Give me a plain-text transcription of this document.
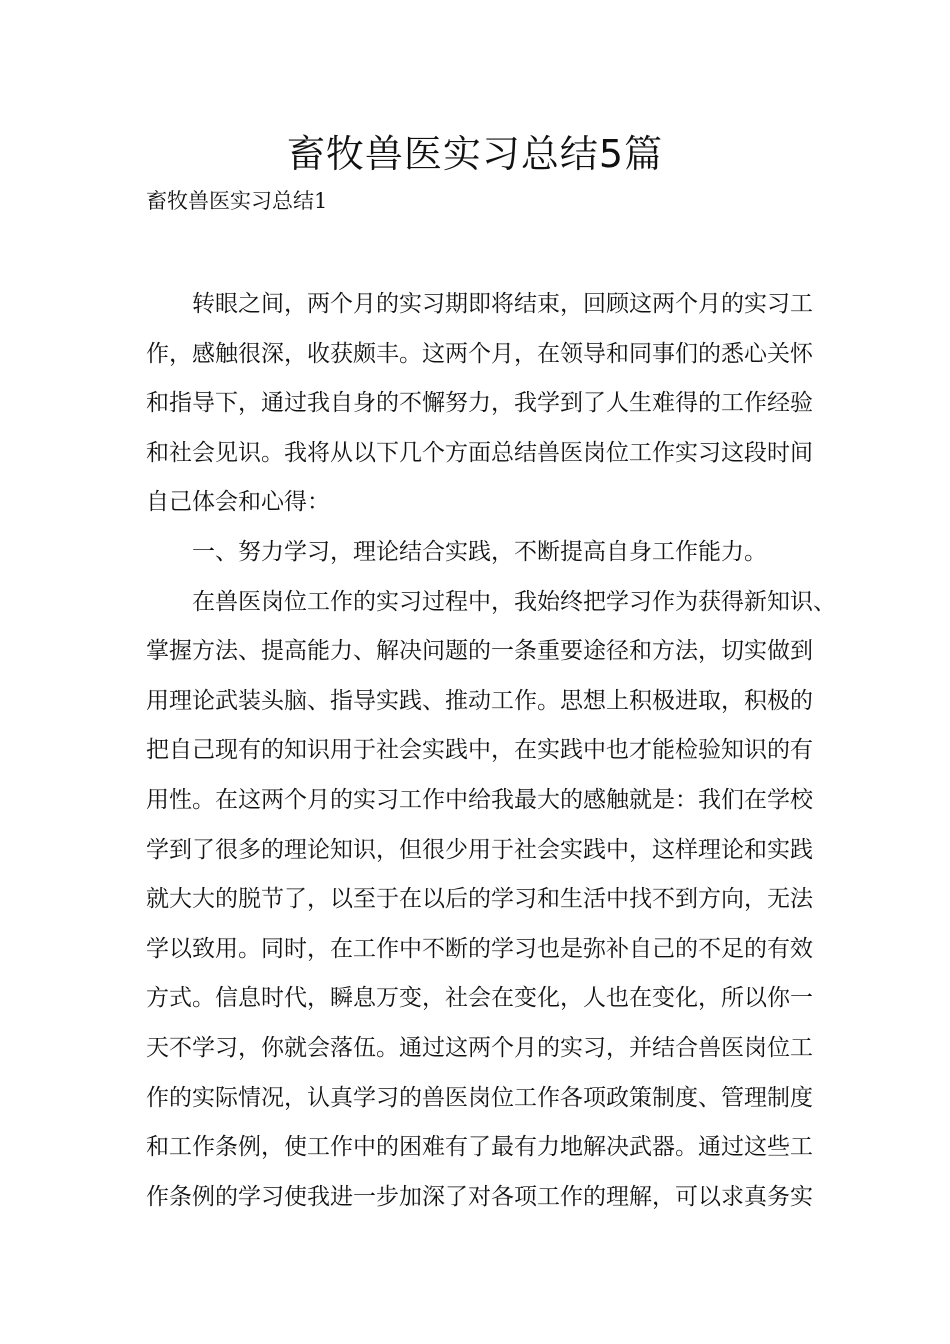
畜牧兽医实习总结5篇

畜牧兽医实习总结1

转眼之间，两个月的实习期即将结束，回顾这两个月的实习工
作，感触很深，收获颇丰。这两个月，在领导和同事们的悉心关怀
和指导下，通过我自身的不懈努力，我学到了人生难得的工作经验
和社会见识。我将从以下几个方面总结兽医岗位工作实习这段时间
自己体会和心得：
一、努力学习，理论结合实践，不断提高自身工作能力。
在兽医岗位工作的实习过程中，我始终把学习作为获得新知识、
掌握方法、提高能力、解决问题的一条重要途径和方法，切实做到
用理论武装头脑、指导实践、推动工作。思想上积极进取，积极的
把自己现有的知识用于社会实践中，在实践中也才能检验知识的有
用性。在这两个月的实习工作中给我最大的感触就是：我们在学校
学到了很多的理论知识，但很少用于社会实践中，这样理论和实践
就大大的脱节了，以至于在以后的学习和生活中找不到方向，无法
学以致用。同时，在工作中不断的学习也是弥补自己的不足的有效
方式。信息时代，瞬息万变，社会在变化，人也在变化，所以你一
天不学习，你就会落伍。通过这两个月的实习，并结合兽医岗位工
作的实际情况，认真学习的兽医岗位工作各项政策制度、管理制度
和工作条例，使工作中的困难有了最有力地解决武器。通过这些工
作条例的学习使我进一步加深了对各项工作的理解，可以求真务实
